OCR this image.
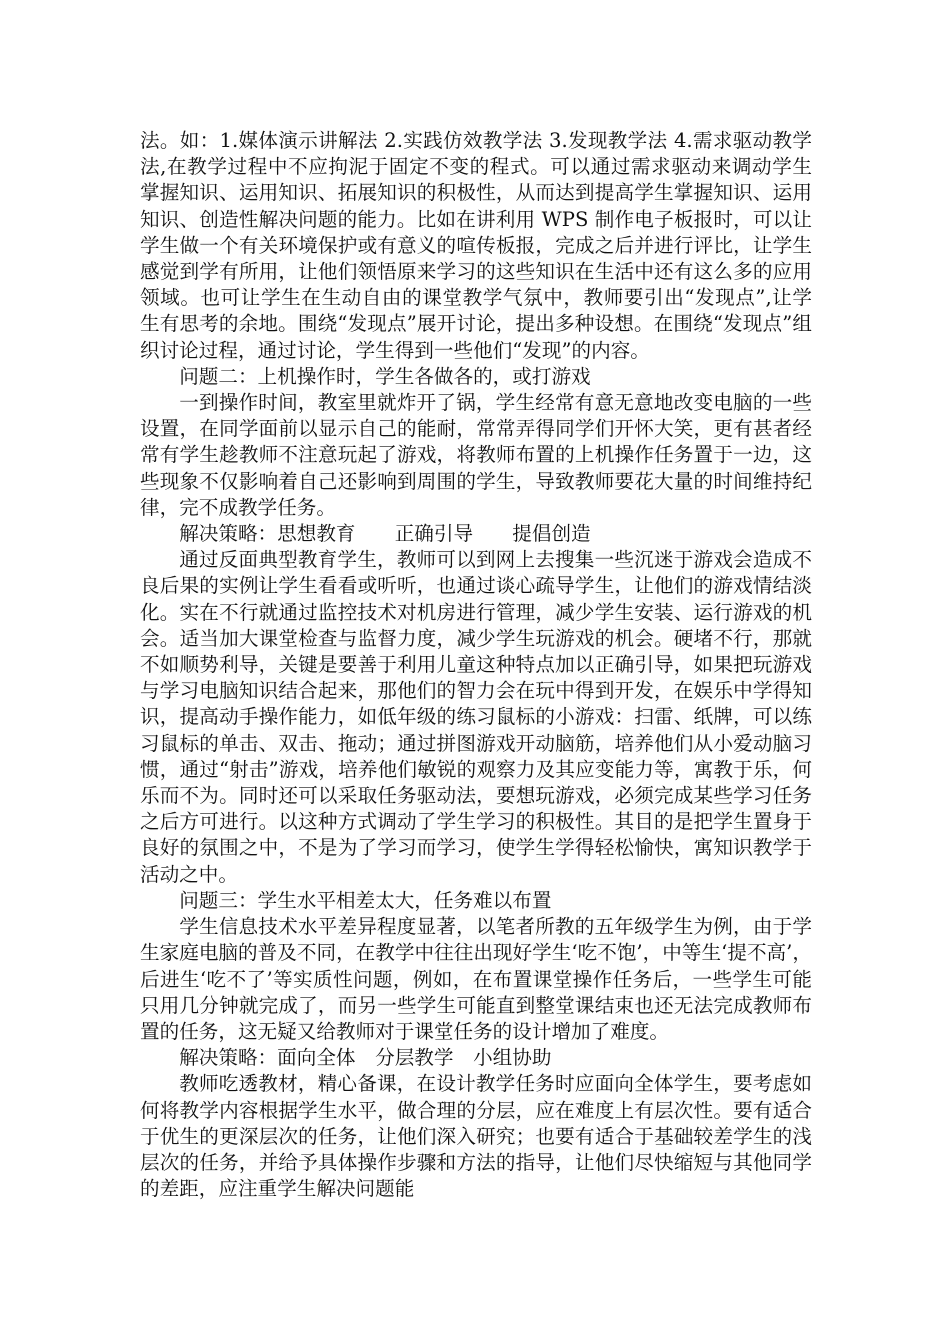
法。如：1.媒体演示讲解法 2.实践仿效教学法 3.发现教学法 4.需求驱动教学法,在教学过程中不应拘泥于固定不变的程式。可以通过需求驱动来调动学生掌握知识、运用知识、拓展知识的积极性，从而达到提高学生掌握知识、运用知识、创造性解决问题的能力。比如在讲利用 WPS 制作电子板报时，可以让学生做一个有关环境保护或有意义的喧传板报，完成之后并进行评比，让学生感觉到学有所用，让他们领悟原来学习的这些知识在生活中还有这么多的应用领域。也可让学生在生动自由的课堂教学气氛中，教师要引出“发现点”,让学生有思考的余地。围绕“发现点”展开讨论，提出多种设想。在围绕“发现点”组织讨论过程，通过讨论，学生得到一些他们“发现”的内容。

问题二：上机操作时，学生各做各的，或打游戏

一到操作时间，教室里就炸开了锅，学生经常有意无意地改变电脑的一些设置，在同学面前以显示自己的能耐，常常弄得同学们开怀大笑，更有甚者经常有学生趁教师不注意玩起了游戏，将教师布置的上机操作任务置于一边，这些现象不仅影响着自己还影响到周围的学生，导致教师要花大量的时间维持纪律，完不成教学任务。

解决策略：思想教育　　正确引导　　提倡创造

通过反面典型教育学生，教师可以到网上去搜集一些沉迷于游戏会造成不良后果的实例让学生看看或听听，也通过谈心疏导学生，让他们的游戏情结淡化。实在不行就通过监控技术对机房进行管理，减少学生安装、运行游戏的机会。适当加大课堂检查与监督力度，减少学生玩游戏的机会。硬堵不行，那就不如顺势利导，关键是要善于利用儿童这种特点加以正确引导，如果把玩游戏与学习电脑知识结合起来，那他们的智力会在玩中得到开发，在娱乐中学得知识，提高动手操作能力，如低年级的练习鼠标的小游戏：扫雷、纸牌，可以练习鼠标的单击、双击、拖动；通过拼图游戏开动脑筋，培养他们从小爱动脑习惯，通过“射击”游戏，培养他们敏锐的观察力及其应变能力等，寓教于乐，何乐而不为。同时还可以采取任务驱动法，要想玩游戏，必须完成某些学习任务之后方可进行。以这种方式调动了学生学习的积极性。其目的是把学生置身于良好的氛围之中，不是为了学习而学习，使学生学得轻松愉快，寓知识教学于活动之中。

问题三：学生水平相差太大，任务难以布置

学生信息技术水平差异程度显著，以笔者所教的五年级学生为例，由于学生家庭电脑的普及不同，在教学中往往出现好学生‘吃不饱’，中等生‘提不高’，后进生‘吃不了’等实质性问题，例如，在布置课堂操作任务后，一些学生可能只用几分钟就完成了，而另一些学生可能直到整堂课结束也还无法完成教师布置的任务，这无疑又给教师对于课堂任务的设计增加了难度。

解决策略：面向全体　分层教学　小组协助

教师吃透教材，精心备课，在设计教学任务时应面向全体学生，要考虑如何将教学内容根据学生水平，做合理的分层，应在难度上有层次性。要有适合于优生的更深层次的任务，让他们深入研究；也要有适合于基础较差学生的浅层次的任务，并给予具体操作步骤和方法的指导，让他们尽快缩短与其他同学的差距，应注重学生解决问题能
